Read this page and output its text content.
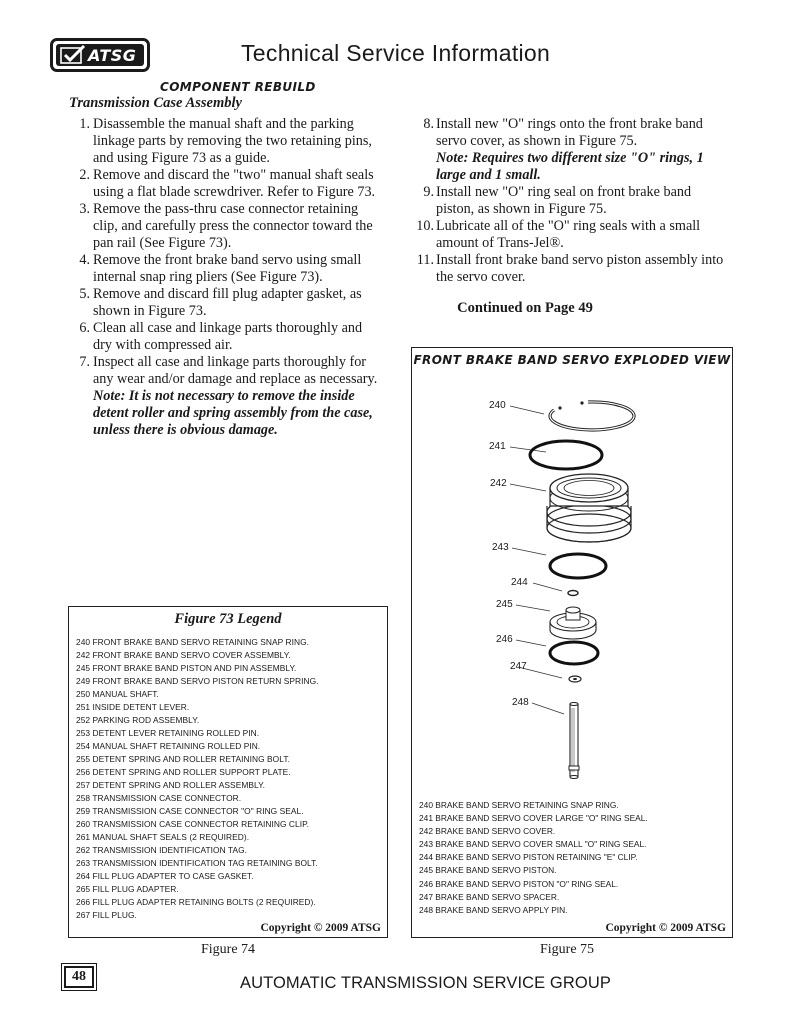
ATSG	Technical Service Information
COMPONENT REBUILD
Transmission Case Assembly
1. Disassemble the manual shaft and the parking linkage parts by removing the two retaining pins, and using Figure 73 as a guide.
2. Remove and discard the "two" manual shaft seals using a flat blade screwdriver. Refer to Figure 73.
3. Remove the pass-thru case connector retaining clip, and carefully press the connector toward the pan rail (See Figure 73).
4. Remove the front brake band servo using small internal snap ring pliers (See Figure 73).
5. Remove and discard fill plug adapter gasket, as shown in Figure 73.
6. Clean all case and linkage parts thoroughly and dry with compressed air.
7. Inspect all case and linkage parts thoroughly for any wear and/or damage and replace as necessary.
Note: It is not necessary to remove the inside detent roller and spring assembly from the case, unless there is obvious damage.
8. Install new "O" rings onto the front brake band servo cover, as shown in Figure 75.
Note: Requires two different size "O" rings, 1 large and 1 small.
9. Install new "O" ring seal on front brake band piston, as shown in Figure 75.
10. Lubricate all of the "O" ring seals with a small amount of Trans-Jel®.
11. Install front brake band servo piston assembly into the servo cover.
Continued on Page 49
Figure 73 Legend
240 FRONT BRAKE BAND SERVO RETAINING SNAP RING.
242 FRONT BRAKE BAND SERVO COVER ASSEMBLY.
245 FRONT BRAKE BAND PISTON AND PIN ASSEMBLY.
249 FRONT BRAKE BAND SERVO PISTON RETURN SPRING.
250 MANUAL SHAFT.
251 INSIDE DETENT LEVER.
252 PARKING ROD ASSEMBLY.
253 DETENT LEVER RETAINING ROLLED PIN.
254 MANUAL SHAFT RETAINING ROLLED PIN.
255 DETENT SPRING AND ROLLER RETAINING BOLT.
256 DETENT SPRING AND ROLLER SUPPORT PLATE.
257 DETENT SPRING AND ROLLER ASSEMBLY.
258 TRANSMISSION CASE CONNECTOR.
259 TRANSMISSION CASE CONNECTOR "O" RING SEAL.
260 TRANSMISSION CASE CONNECTOR RETAINING CLIP.
261 MANUAL SHAFT SEALS (2 REQUIRED).
262 TRANSMISSION IDENTIFICATION TAG.
263 TRANSMISSION IDENTIFICATION TAG RETAINING BOLT.
264 FILL PLUG ADAPTER TO CASE GASKET.
265 FILL PLUG ADAPTER.
266 FILL PLUG ADAPTER RETAINING BOLTS (2 REQUIRED).
267 FILL PLUG.
Copyright © 2009 ATSG
240
241
242
243
244
245
246
247
248
FRONT BRAKE BAND SERVO EXPLODED VIEW
240 BRAKE BAND SERVO RETAINING SNAP RING.
241 BRAKE BAND SERVO COVER LARGE "O" RING SEAL.
242 BRAKE BAND SERVO COVER.
243 BRAKE BAND SERVO COVER SMALL "O" RING SEAL.
244 BRAKE BAND SERVO PISTON RETAINING "E" CLIP.
245 BRAKE BAND SERVO PISTON.
246 BRAKE BAND SERVO PISTON "O" RING SEAL.
247 BRAKE BAND SERVO SPACER.
248 BRAKE BAND SERVO APPLY PIN.
Copyright © 2009 ATSG
Figure 74	Figure 75
48	AUTOMATIC TRANSMISSION SERVICE GROUP
